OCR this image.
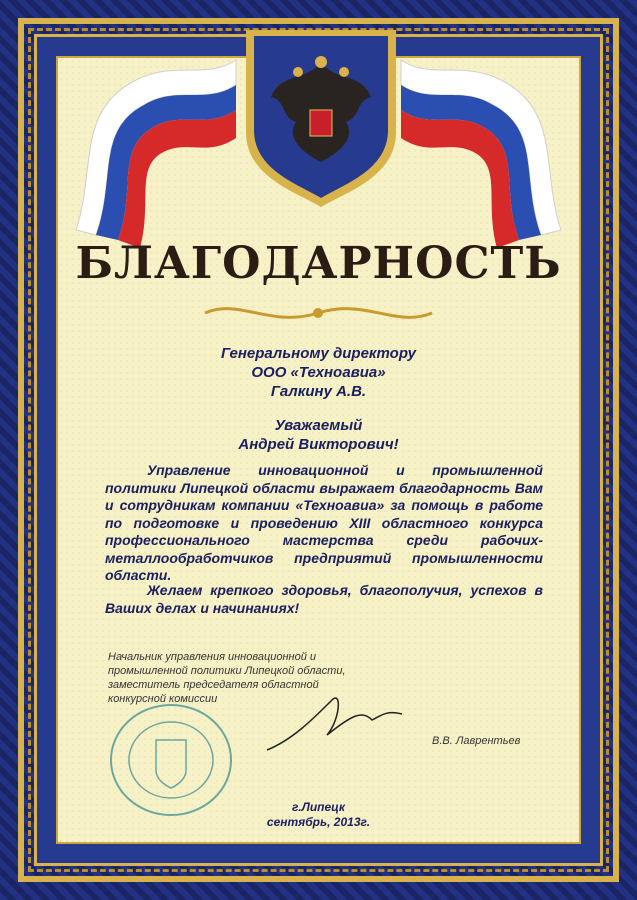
БЛАГОДАРНОСТЬ
Генеральному директору
ООО «Техноавиа»
Галкину А.В.
Уважаемый
Андрей Викторович!
Управление инновационной и промышленной политики Липецкой области выражает благодарность Вам и сотрудникам компании «Техноавиа» за помощь в работе по подготовке и проведению XIII областного конкурса профессионального мастерства среди рабочих-металлообработчиков предприятий промышленности области.
Желаем крепкого здоровья, благополучия, успехов в Ваших делах и начинаниях!
Начальник управления инновационной и промышленной политики Липецкой области, заместитель председателя областной конкурсной комиссии
В.В. Лаврентьев
г.Липецк
сентябрь, 2013г.
